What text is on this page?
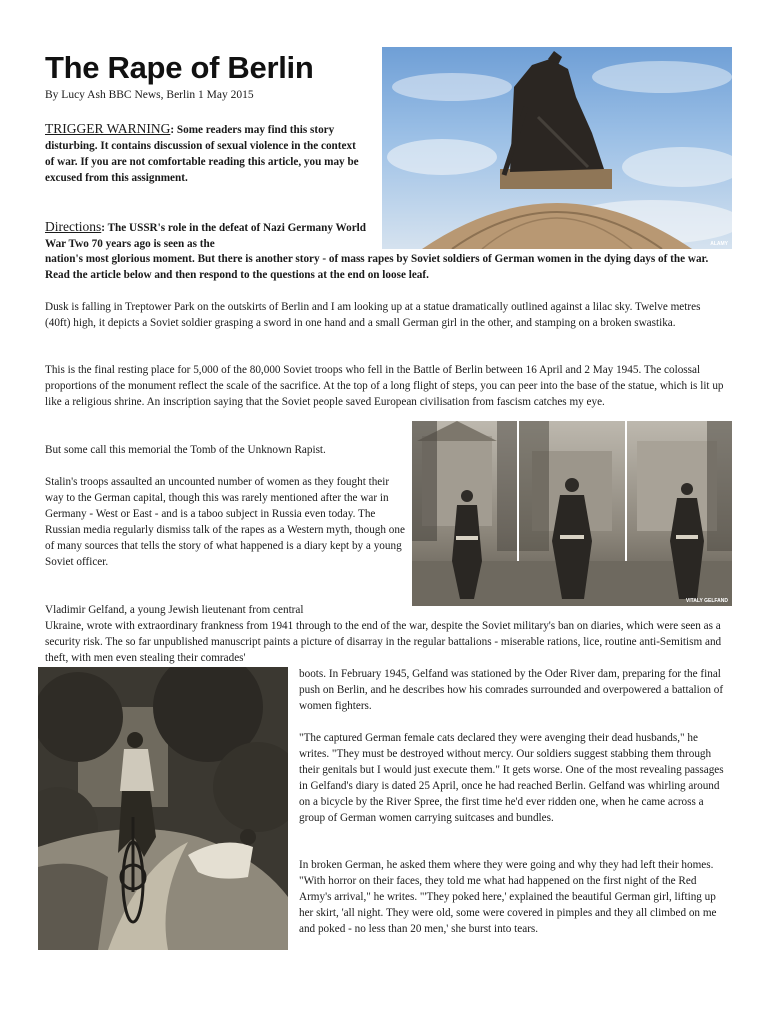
The Rape of Berlin
By Lucy Ash BBC News, Berlin 1 May 2015
ALAMY
TRIGGER WARNING: Some readers may find this story disturbing. It contains discussion of sexual violence in the context of war. If you are not comfortable reading this article, you may be excused from this assignment.
Directions: The USSR's role in the defeat of Nazi Germany World War Two 70 years ago is seen as the
nation's most glorious moment. But there is another story - of mass rapes by Soviet soldiers of German women in the dying days of the war. Read the article below and then respond to the questions at the end on loose leaf.

Dusk is falling in Treptower Park on the outskirts of Berlin and I am looking up at a statue dramatically outlined against a lilac sky. Twelve metres (40ft) high, it depicts a Soviet soldier grasping a sword in one hand and a small German girl in the other, and stamping on a broken swastika.

This is the final resting place for 5,000 of the 80,000 Soviet troops who fell in the Battle of Berlin between 16 April and 2 May 1945. The colossal proportions of the monument reflect the scale of the sacrifice. At the top of a long flight of steps, you can peer into the base of the statue, which is lit up like a religious shrine. An inscription saying that the Soviet people saved European civilisation from fascism catches my eye.

But some call this memorial the Tomb of the Unknown Rapist.

Stalin's troops assaulted an uncounted number of women as they fought their way to the German capital, though this was rarely mentioned after the war in Germany - West or East - and is a taboo subject in Russia even today. The Russian media regularly dismiss talk of the rapes as a Western myth, though one of many sources that tells the story of what happened is a diary kept by a young Soviet officer.

VITALY GELFAND

Vladimir Gelfand, a young Jewish lieutenant from central

Ukraine, wrote with extraordinary frankness from 1941 through to the end of the war, despite the Soviet military's ban on diaries, which were seen as a security risk. The so far unpublished manuscript paints a picture of disarray in the regular battalions - miserable rations, lice, routine anti-Semitism and theft, with men even stealing their comrades'

boots. In February 1945, Gelfand was stationed by the Oder River dam, preparing for the final push on Berlin, and he describes how his comrades surrounded and overpowered a battalion of women fighters.

"The captured German female cats declared they were avenging their dead husbands," he writes. "They must be destroyed without mercy. Our soldiers suggest stabbing them through their genitals but I would just execute them." It gets worse. One of the most revealing passages in Gelfand's diary is dated 25 April, once he had reached Berlin. Gelfand was whirling around on a bicycle by the River Spree, the first time he'd ever ridden one, when he came across a group of German women carrying suitcases and bundles.

In broken German, he asked them where they were going and why they had left their homes. "With horror on their faces, they told me what had happened on the first night of the Red Army's arrival," he writes. "'They poked here,' explained the beautiful German girl, lifting up her skirt, 'all night. They were old, some were covered in pimples and they all climbed on me and poked - no less than 20 men,' she burst into tears.
